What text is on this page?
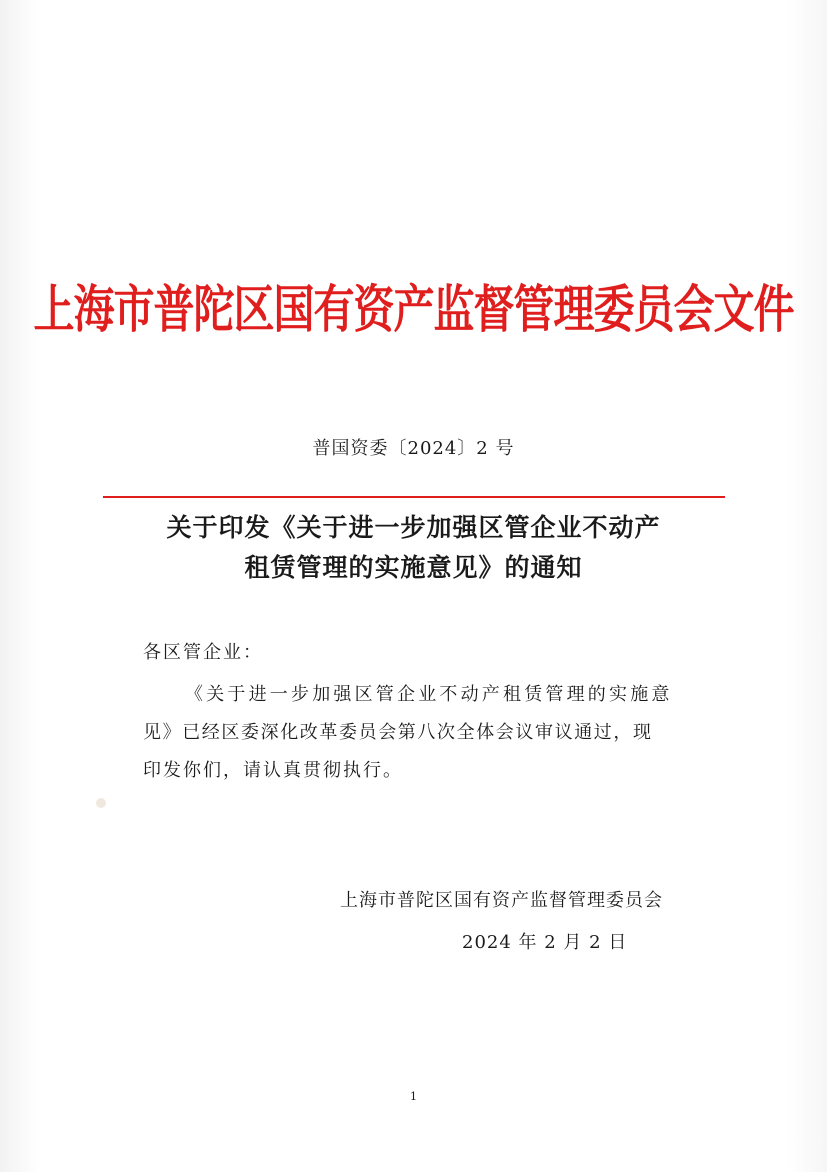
上海市普陀区国有资产监督管理委员会文件
普国资委〔2024〕2 号
关于印发《关于进一步加强区管企业不动产
租赁管理的实施意见》的通知
各区管企业：
《关于进一步加强区管企业不动产租赁管理的实施意
见》已经区委深化改革委员会第八次全体会议审议通过，现
印发你们，请认真贯彻执行。
上海市普陀区国有资产监督管理委员会
2024 年 2 月 2 日
1
